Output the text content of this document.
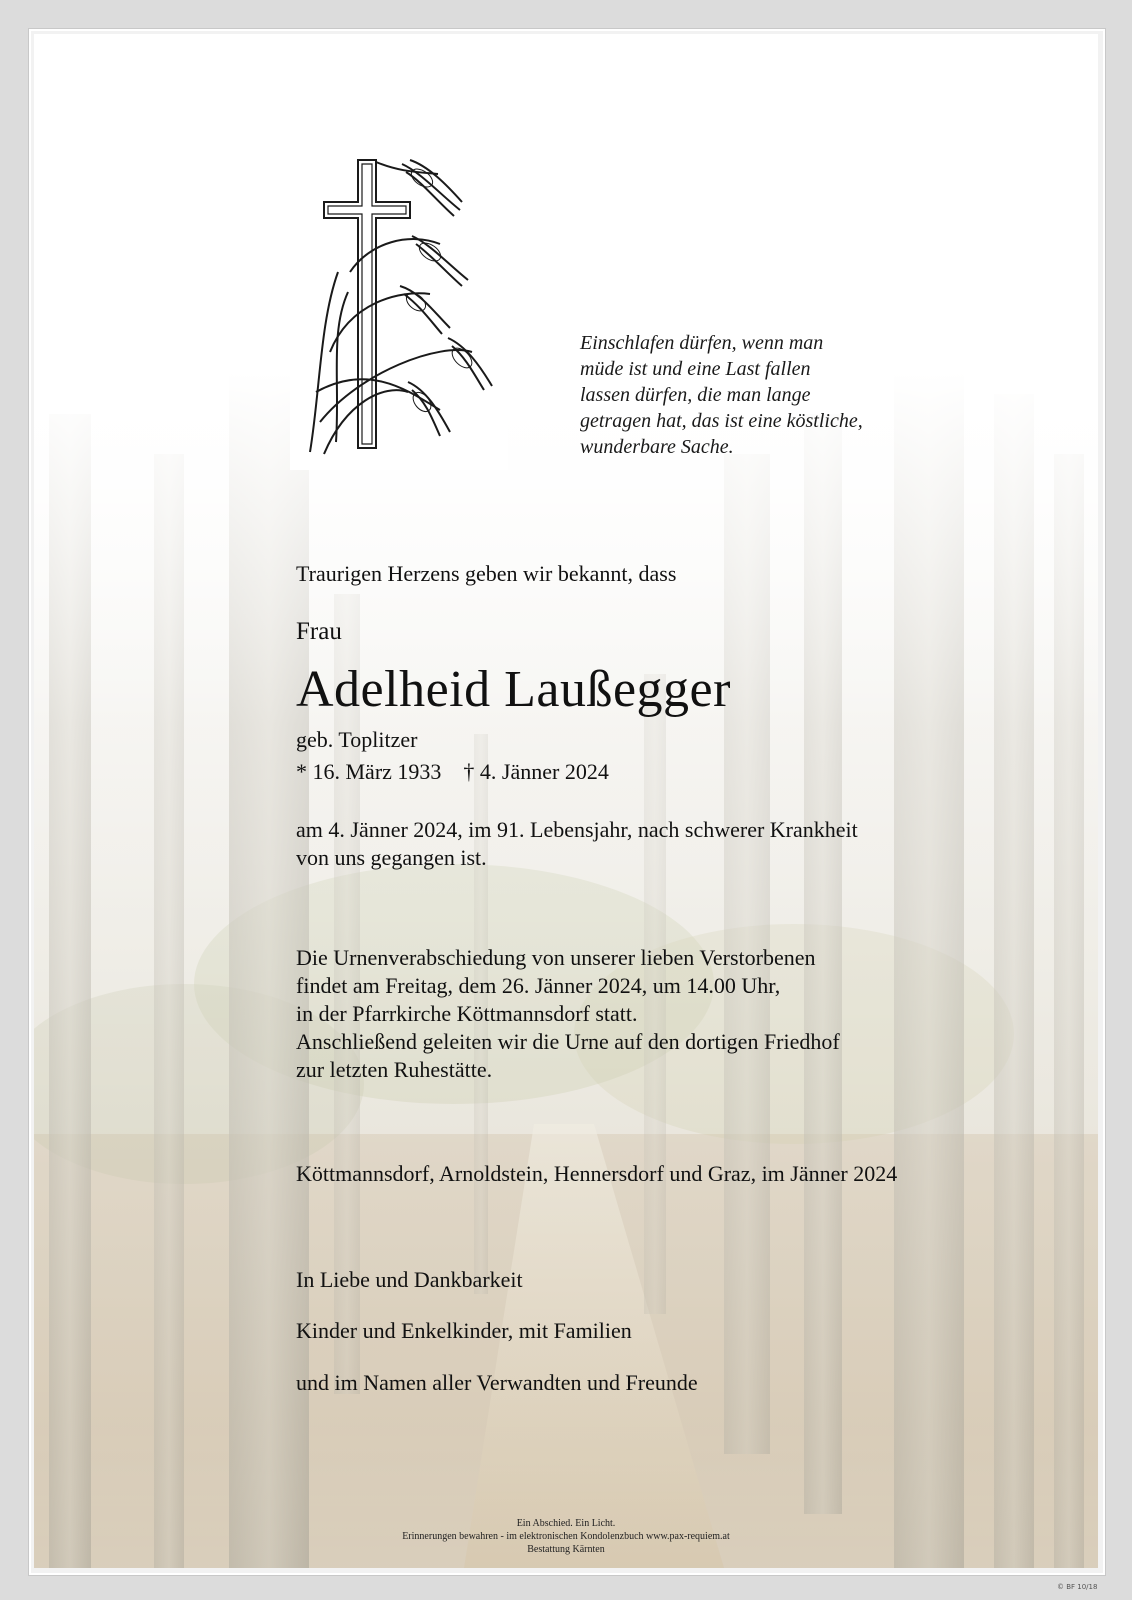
Einschlafen dürfen, wenn man
müde ist und eine Last fallen
lassen dürfen, die man lange
getragen hat, das ist eine köstliche,
wunderbare Sache.
Traurigen Herzens geben wir bekannt, dass
Frau
Adelheid Laußegger
geb. Toplitzer
* 16. März 1933 † 4. Jänner 2024
am 4. Jänner 2024, im 91. Lebensjahr, nach schwerer Krankheit
von uns gegangen ist.
Die Urnenverabschiedung von unserer lieben Verstorbenen
findet am Freitag, dem 26. Jänner 2024, um 14.00 Uhr,
in der Pfarrkirche Köttmannsdorf statt.
Anschließend geleiten wir die Urne auf den dortigen Friedhof
zur letzten Ruhestätte.
Köttmannsdorf, Arnoldstein, Hennersdorf und Graz, im Jänner 2024
In Liebe und Dankbarkeit
Kinder und Enkelkinder, mit Familien
und im Namen aller Verwandten und Freunde
Ein Abschied. Ein Licht.
Erinnerungen bewahren - im elektronischen Kondolenzbuch www.pax-requiem.at
Bestattung Kärnten
© BF 10/18
